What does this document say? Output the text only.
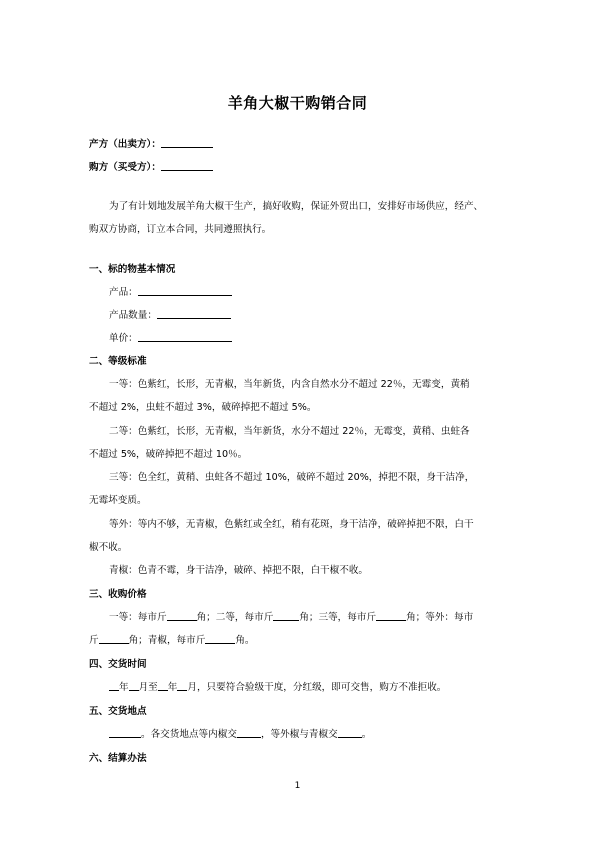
羊角大椒干购销合同
产方（出卖方）：
购方（买受方）：
为了有计划地发展羊角大椒干生产，搞好收购，保证外贸出口，安排好市场供应，经产、
购双方协商，订立本合同，共同遵照执行。
一、标的物基本情况
产品：
产品数量：
单价：
二、等级标准
一等：色紫红，长形，无青椒，当年新货，内含自然水分不超过 22％，无霉变，黄稍
不超过 2%，虫蛀不超过 3%，破碎掉把不超过 5%。
二等：色紫红，长形，无青椒，当年新货，水分不超过 22％，无霉变，黄稍、虫蛀各
不超过 5%，破碎掉把不超过 10％。
三等：色全红，黄稍、虫蛀各不超过 10%，破碎不超过 20%，掉把不限，身干洁净，
无霉坏变质。
等外：等内不够，无青椒，色紫红或全红，稍有花斑，身干洁净，破碎掉把不限，白干
椒不收。
青椒：色青不霉，身干洁净，破碎、掉把不限，白干椒不收。
三、收购价格
一等：每市斤	角；二等，每市斤	角；三等，每市斤	角；等外：每市
斤	角；青椒，每市斤	角。
四、交货时间
年 月至 年 月，只要符合验级干度，分红级，即可交售，购方不准拒收。
五、交货地点
。各交货地点等内椒交	，等外椒与青椒交	。
六、结算办法
1
